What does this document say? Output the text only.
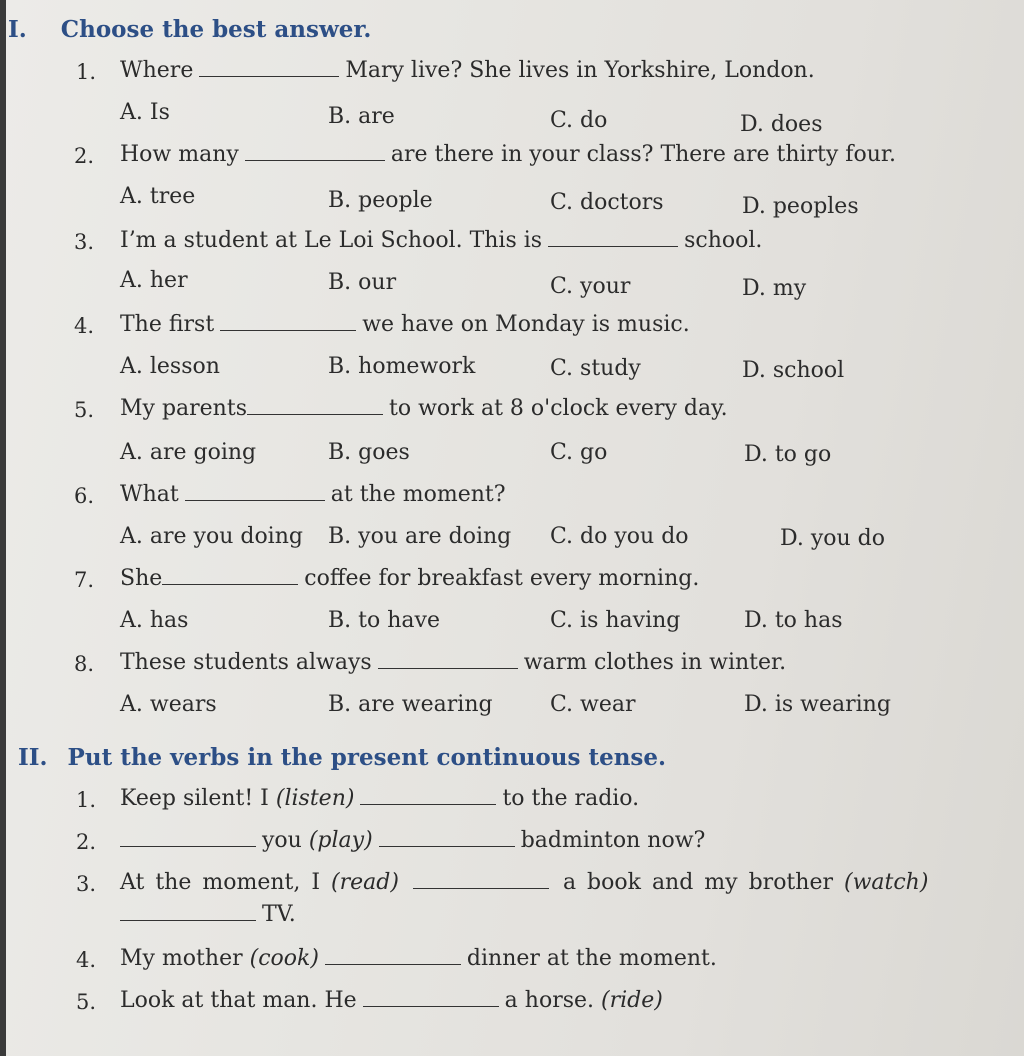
I. Choose the best answer.
1.	Where	Mary live? She lives in Yorkshire, London.
A. Is	B. are	C. do	D. does
2.	How many	are there in your class? There are thirty four.
A. tree	B. people	C. doctors	D. peoples
3.	I’m a student at Le Loi School. This is	school.
A. her	B. our	C. your	D. my
4.	The first	we have on Monday is music.
A. lesson	B. homework	C. study	D. school
5.	My parents	to work at 8 o'clock every day.
A. are going	B. goes	C. go	D. to go
6.	What	at the moment?
A. are you doing B. you are doing C. do you do	D. you do
7.	She	coffee for breakfast every morning.
A. has	B. to have	C. is having	D. to has
8.	These students always	warm clothes in winter.
A. wears	B. are wearing	C. wear	D. is wearing
II. Put the verbs in the present continuous tense.
1.	Keep silent! I (listen)	to the radio.
2.	you (play)	badminton now?
3.	At the moment, I (read)	a book and my brother (watch)
TV.
4.	My mother (cook)	dinner at the moment.
5.	Look at that man. He	a horse. (ride)
